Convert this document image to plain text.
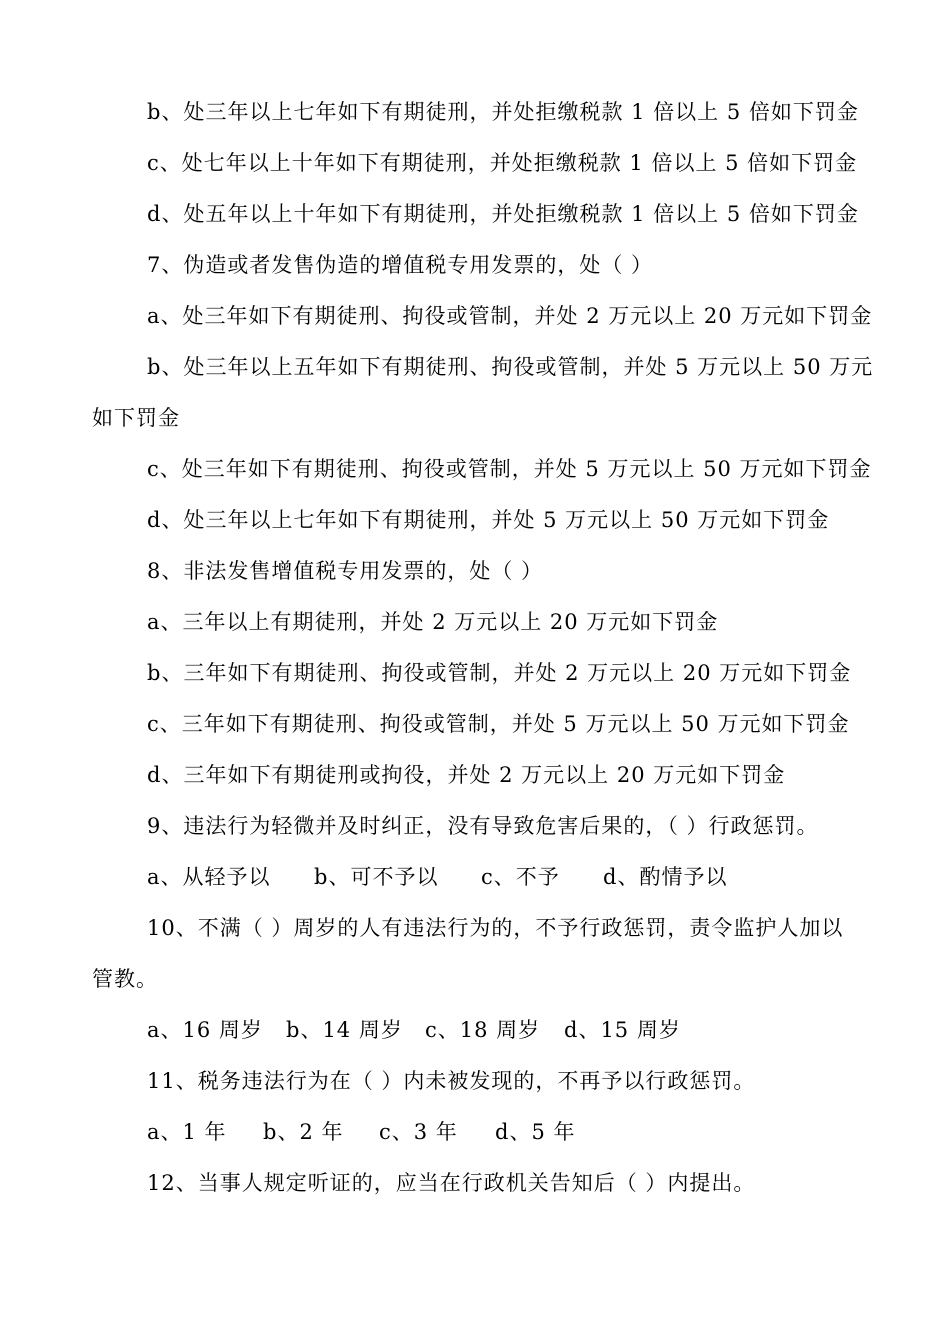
b、处三年以上七年如下有期徒刑，并处拒缴税款 1 倍以上 5 倍如下罚金
c、处七年以上十年如下有期徒刑，并处拒缴税款 1 倍以上 5 倍如下罚金
d、处五年以上十年如下有期徒刑，并处拒缴税款 1 倍以上 5 倍如下罚金
7、伪造或者发售伪造的增值税专用发票的，处（ ）
a、处三年如下有期徒刑、拘役或管制，并处 2 万元以上 20 万元如下罚金
b、处三年以上五年如下有期徒刑、拘役或管制，并处 5 万元以上 50 万元
如下罚金
c、处三年如下有期徒刑、拘役或管制，并处 5 万元以上 50 万元如下罚金
d、处三年以上七年如下有期徒刑，并处 5 万元以上 50 万元如下罚金
8、非法发售增值税专用发票的，处（ ）
a、三年以上有期徒刑，并处 2 万元以上 20 万元如下罚金
b、三年如下有期徒刑、拘役或管制，并处 2 万元以上 20 万元如下罚金
c、三年如下有期徒刑、拘役或管制，并处 5 万元以上 50 万元如下罚金
d、三年如下有期徒刑或拘役，并处 2 万元以上 20 万元如下罚金
9、违法行为轻微并及时纠正，没有导致危害后果的，（ ）行政惩罚。
a、从轻予以 b、可不予以 c、不予 d、酌情予以
10、不满（ ）周岁的人有违法行为的，不予行政惩罚，责令监护人加以
管教。
a、16 周岁 b、14 周岁 c、18 周岁 d、15 周岁
11、税务违法行为在（ ）内未被发现的，不再予以行政惩罚。
a、1 年 b、2 年 c、3 年 d、5 年
12、当事人规定听证的，应当在行政机关告知后（ ）内提出。
